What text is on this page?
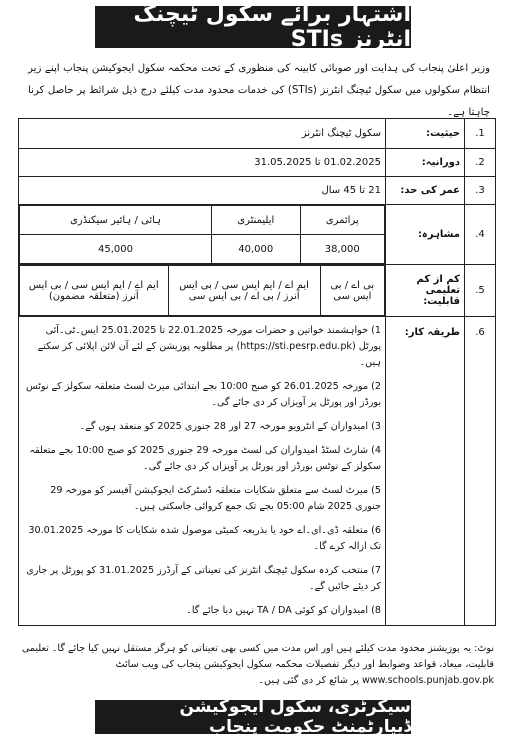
اشتہار برائے سکول ٹیچنگ انٹرنز STIs
وزیر اعلیٰ پنجاب کی ہدایت اور صوبائی کابینہ کی منظوری کے تحت محکمہ سکول ایجوکیشن پنجاب اپنے زیر انتظام سکولوں میں سکول ٹیچنگ انٹرنز (STIs) کی خدمات محدود مدت کیلئے درج ذیل شرائط پر حاصل کرنا چاہتا ہے۔
1.	حیثیت:	سکول ٹیچنگ انٹرنز
2.	دورانیہ:	01.02.2025 تا 31.05.2025
3.	عمر کی حد:	21 تا 45 سال
4.	مشاہرہ:	
پرائمری	ایلیمنٹری	ہائی / ہائیر سیکنڈری
38,000	40,000	45,000

5.	کم از کم تعلیمی قابلیت:	
بی اے / بی ایس سی	ایم اے / ایم ایس سی / بی ایس آنرز / بی اے / بی ایس سی	ایم اے / ایم ایس سی / بی ایس آنرز (متعلقہ مضمون)

6.	طریقہ کار:	
1) خواہشمند خواتین و حضرات مورخہ 22.01.2025 تا 25.01.2025 ایس۔ٹی۔آئی پورٹل (https://sti.pesrp.edu.pk) پر مطلوبہ پوزیشن کے لئے آن لائن اپلائی کر سکتے ہیں۔
2) مورخہ 26.01.2025 کو صبح 10:00 بجے ابتدائی میرٹ لسٹ متعلقہ سکولز کے نوٹس بورڈز اور پورٹل پر آویزاں کر دی جائے گی۔
3) امیدواران کے انٹرویو مورخہ 27 اور 28 جنوری 2025 کو منعقد ہوں گے۔
4) شارٹ لسٹڈ امیدواران کی لسٹ مورخہ 29 جنوری 2025 کو صبح 10:00 بجے متعلقہ سکولز کے نوٹس بورڈز اور پورٹل پر آویزاں کر دی جائے گی۔
5) میرٹ لسٹ سے متعلق شکایات متعلقہ ڈسٹرکٹ ایجوکیشن آفیسر کو مورخہ 29 جنوری 2025 شام 05:00 بجے تک جمع کروائی جاسکتی ہیں۔
6) متعلقہ ڈی۔ای۔اے خود یا بذریعہ کمیٹی موصول شدہ شکایات کا مورخہ 30.01.2025 تک ازالہ کرے گا۔
7) منتخب کردہ سکول ٹیچنگ انٹرنز کی تعیناتی کے آرڈرز 31.01.2025 کو پورٹل پر جاری کر دیئے جائیں گے۔
8) امیدواران کو کوئی TA / DA نہیں دیا جائے گا۔
نوٹ: یہ پوزیشنز محدود مدت کیلئے ہیں اور اس مدت میں کسی بھی تعیناتی کو ہرگز مستقل نہیں کیا جائے گا۔ تعلیمی قابلیت، میعاد، قواعد وضوابط اور دیگر تفصیلات محکمہ سکول ایجوکیشن پنجاب کی ویب سائٹ www.schools.punjab.gov.pk پر شائع کر دی گئی ہیں۔
سیکرٹری، سکول ایجوکیشن ڈیپارٹمنٹ حکومت پنجاب
